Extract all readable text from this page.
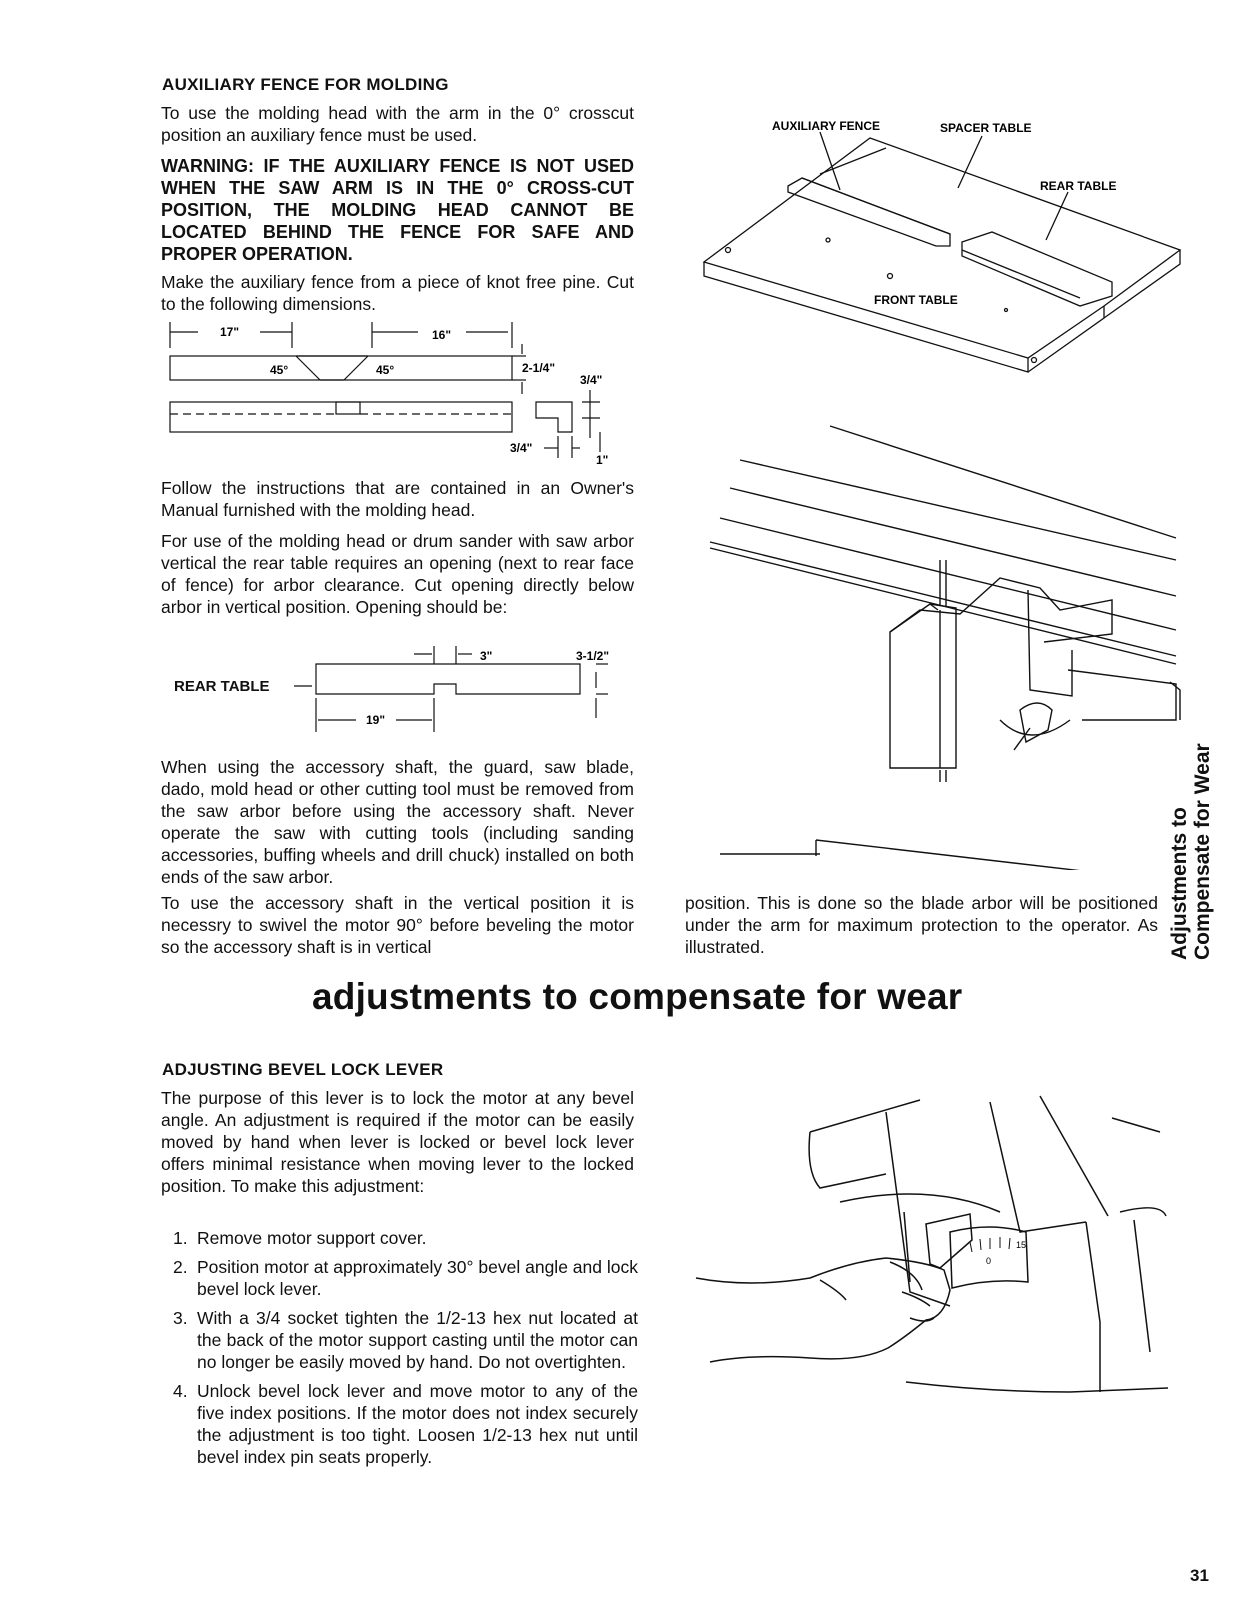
AUXILIARY FENCE FOR MOLDING

To use the molding head with the arm in the 0° crosscut position an auxiliary fence must be used.

WARNING: IF THE AUXILIARY FENCE IS NOT USED WHEN THE SAW ARM IS IN THE 0° CROSS-CUT POSITION, THE MOLDING HEAD CANNOT BE LOCATED BEHIND THE FENCE FOR SAFE AND PROPER OPERATION.

Make the auxiliary fence from a piece of knot free pine. Cut to the following dimensions.

17"	16"
45°	45°	2-1/4"
3/4"
3/4"
1"

Follow the instructions that are contained in an Owner's Manual furnished with the molding head.

For use of the molding head or drum sander with saw arbor vertical the rear table requires an opening (next to rear face of fence) for arbor clearance. Cut opening directly below arbor in vertical position. Opening should be:

3"	3-1/2"
19"
REAR TABLE

When using the accessory shaft, the guard, saw blade, dado, mold head or other cutting tool must be removed from the saw arbor before using the accessory shaft. Never operate the saw with cutting tools (including sanding accessories, buffing wheels and drill chuck) installed on both ends of the saw arbor.

To use the accessory shaft in the vertical position it is necessry to swivel the motor 90° before beveling the motor so the accessory shaft is in vertical

AUXILIARY FENCE	SPACER TABLE
REAR TABLE
FRONT TABLE

position. This is done so the blade arbor will be positioned under the arm for maximum protection to the operator. As illustrated.	Adjustments to Compensate for Wear
adjustments to compensate for wear
ADJUSTING BEVEL LOCK LEVER

The purpose of this lever is to lock the motor at any bevel angle. An adjustment is required if the motor can be easily moved by hand when lever is locked or bevel lock lever offers minimal resistance when moving lever to the locked position. To make this adjustment:

1. Remove motor support cover.
2. Position motor at approximately 30° bevel angle and lock bevel lock lever.
3. With a 3/4 socket tighten the 1/2-13 hex nut located at the back of the motor support casting until the motor can no longer be easily moved by hand. Do not overtighten.
4. Unlock bevel lock lever and move motor to any of the five index positions. If the motor does not index securely the adjustment is too tight. Loosen 1/2-13 hex nut until bevel index pin seats properly.
0
15
31
